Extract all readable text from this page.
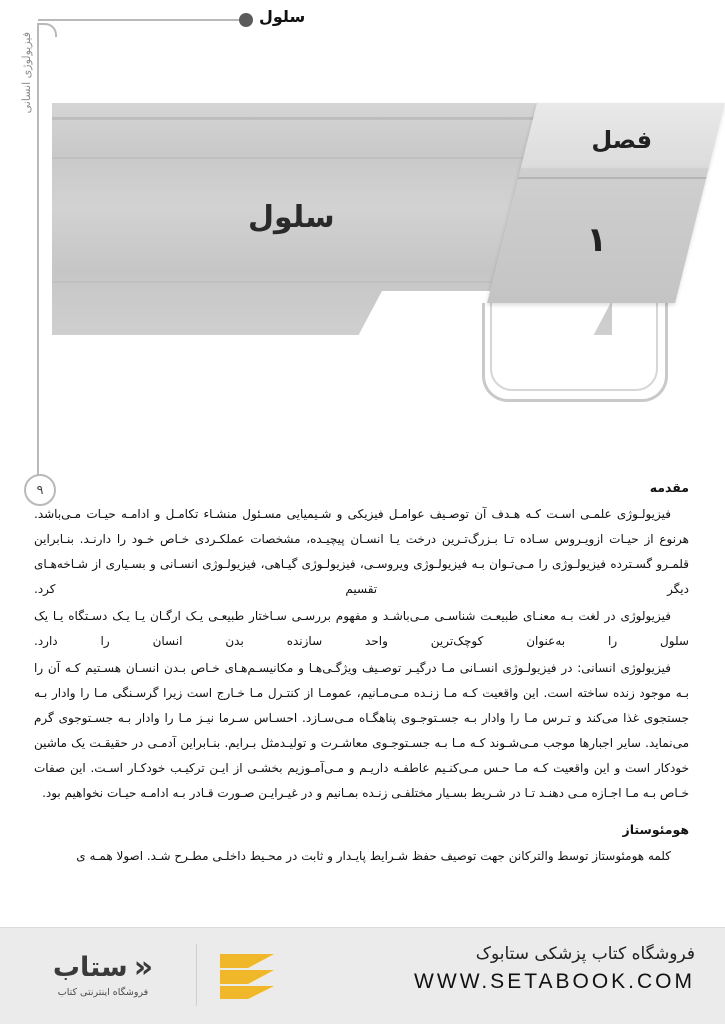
فیزیولوژی انسانی
۹
سلول
سلول
فصل
۱
مقدمه

فیزیولـوژی علمـی اسـت کـه هـدف آن توصـیف عوامـل فیزیکی و شـیمیایی مسـئول منشـاء تکامـل و ادامـه حیـات مـی‌باشد. هرنوع از حیـات ازویـروس سـاده تـا بـزرگ‌تـرین درخت یـا انسـان پیچیـده، مشخصات عملکـردی خـاص خـود را دارنـد. بنـابراین قلمـرو گسـترده فیزیولـوژی را مـی‌تـوان بـه فیزیولـوژی ویروسـی، فیزیولـوژی گیـاهی، فیزیولـوژی انسـانی و بسـیاری از شـاخه‌هـای دیگر تقسیم کرد.

فیزیولوژی در لغت بـه معنـای طبیعـت شناسـی مـی‌باشـد و مفهوم بررسـی سـاختار طبیعـی یـک ارگـان یـا یـک دسـتگاه یـا یک سلول را به‌عنوان کوچک‌ترین واحد سازنده بدن انسان را دارد.

فیزیولوژی انسانی: در فیزیولـوژی انسـانی مـا درگیـر توصـیف ویژگـی‌هـا و مکانیسـم‌هـای خـاص بـدن انسـان هسـتیم کـه آن را بـه موجود زنده ساخته است. این واقعیت کـه مـا زنـده مـی‌مـانیم، عمومـا از کنتـرل مـا خـارج است زیرا گرسـنگی مـا را وادار بـه جستجوی غذا می‌کند و تـرس مـا را وادار بـه جسـتوجـوی پناهگـاه مـی‌سـازد. احسـاس سـرما نیـز مـا را وادار بـه جسـتوجوی گرم می‌نماید. سایر اجبارها موجب مـی‌شـوند کـه مـا بـه جسـتوجـوی معاشـرت و تولیـدمثل بـرایم. بنـابراین آدمـی در حقیقـت یک ماشین خودکار است و این واقعیت کـه مـا حـس مـی‌کنـیم عاطفـه داریـم و مـی‌آمـوزیم بخشـی از ایـن ترکیـب خودکـار اسـت. این صفات خـاص بـه مـا اجـازه مـی دهنـد تـا در شـریط بسـیار مختلفـی زنـده بمـانیم و در غیـرایـن صـورت قـادر بـه ادامـه حیـات نخواهیم بود.

هومئوستاز

کلمه هومئوستاز توسط والترکانن جهت توصیف حفظ شـرایط پایـدار و ثابت در محـیط داخلـی مطـرح شـد. اصولا همـه ی

«
ستاب
فروشگاه اینترنتی کتاب
فروشگاه کتاب پزشکی ستابوک
WWW.SETABOOK.COM
